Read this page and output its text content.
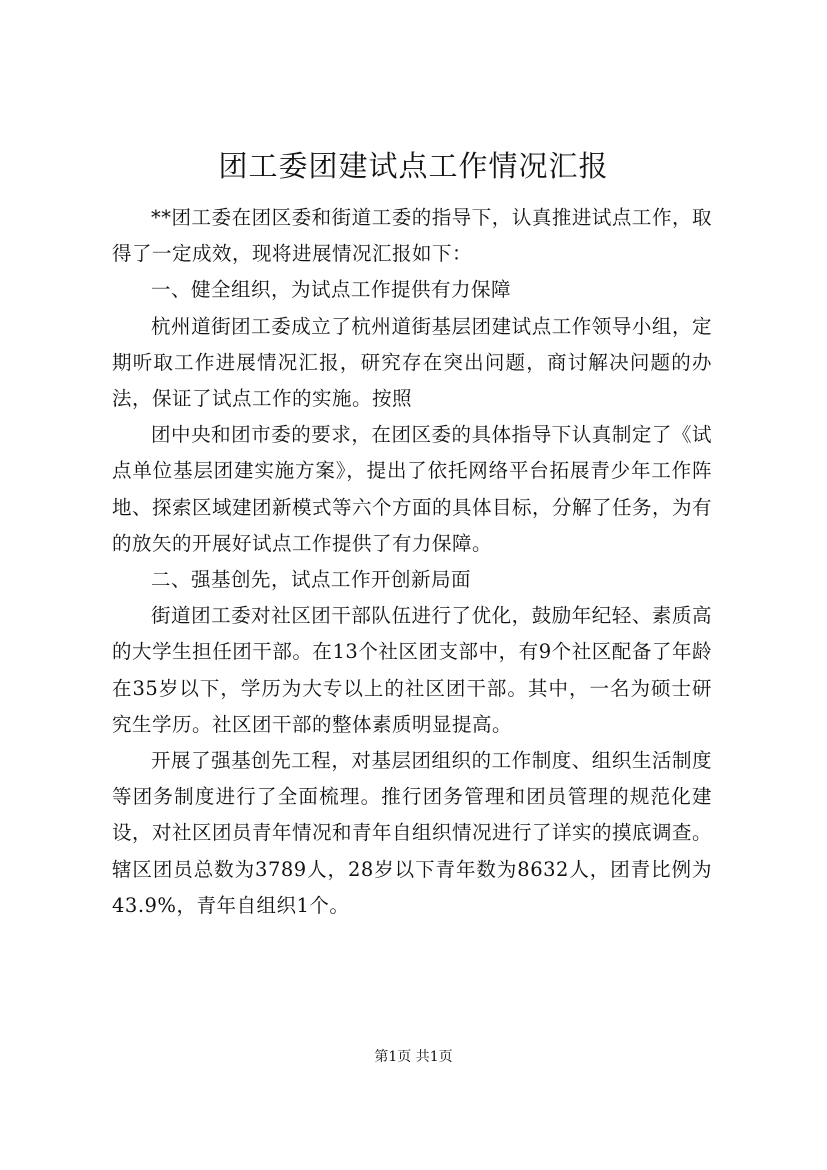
团工委团建试点工作情况汇报

**团工委在团区委和街道工委的指导下，认真推进试点工作，取得了一定成效，现将进展情况汇报如下：

一、健全组织，为试点工作提供有力保障

杭州道街团工委成立了杭州道街基层团建试点工作领导小组，定期听取工作进展情况汇报，研究存在突出问题，商讨解决问题的办法，保证了试点工作的实施。按照

团中央和团市委的要求，在团区委的具体指导下认真制定了《试点单位基层团建实施方案》，提出了依托网络平台拓展青少年工作阵地、探索区域建团新模式等六个方面的具体目标，分解了任务，为有的放矢的开展好试点工作提供了有力保障。

二、强基创先，试点工作开创新局面

街道团工委对社区团干部队伍进行了优化，鼓励年纪轻、素质高的大学生担任团干部。在13个社区团支部中，有9个社区配备了年龄在35岁以下，学历为大专以上的社区团干部。其中，一名为硕士研究生学历。社区团干部的整体素质明显提高。

开展了强基创先工程，对基层团组织的工作制度、组织生活制度等团务制度进行了全面梳理。推行团务管理和团员管理的规范化建设，对社区团员青年情况和青年自组织情况进行了详实的摸底调查。辖区团员总数为3789人，28岁以下青年数为8632人，团青比例为43.9%，青年自组织1个。

第1页 共1页
